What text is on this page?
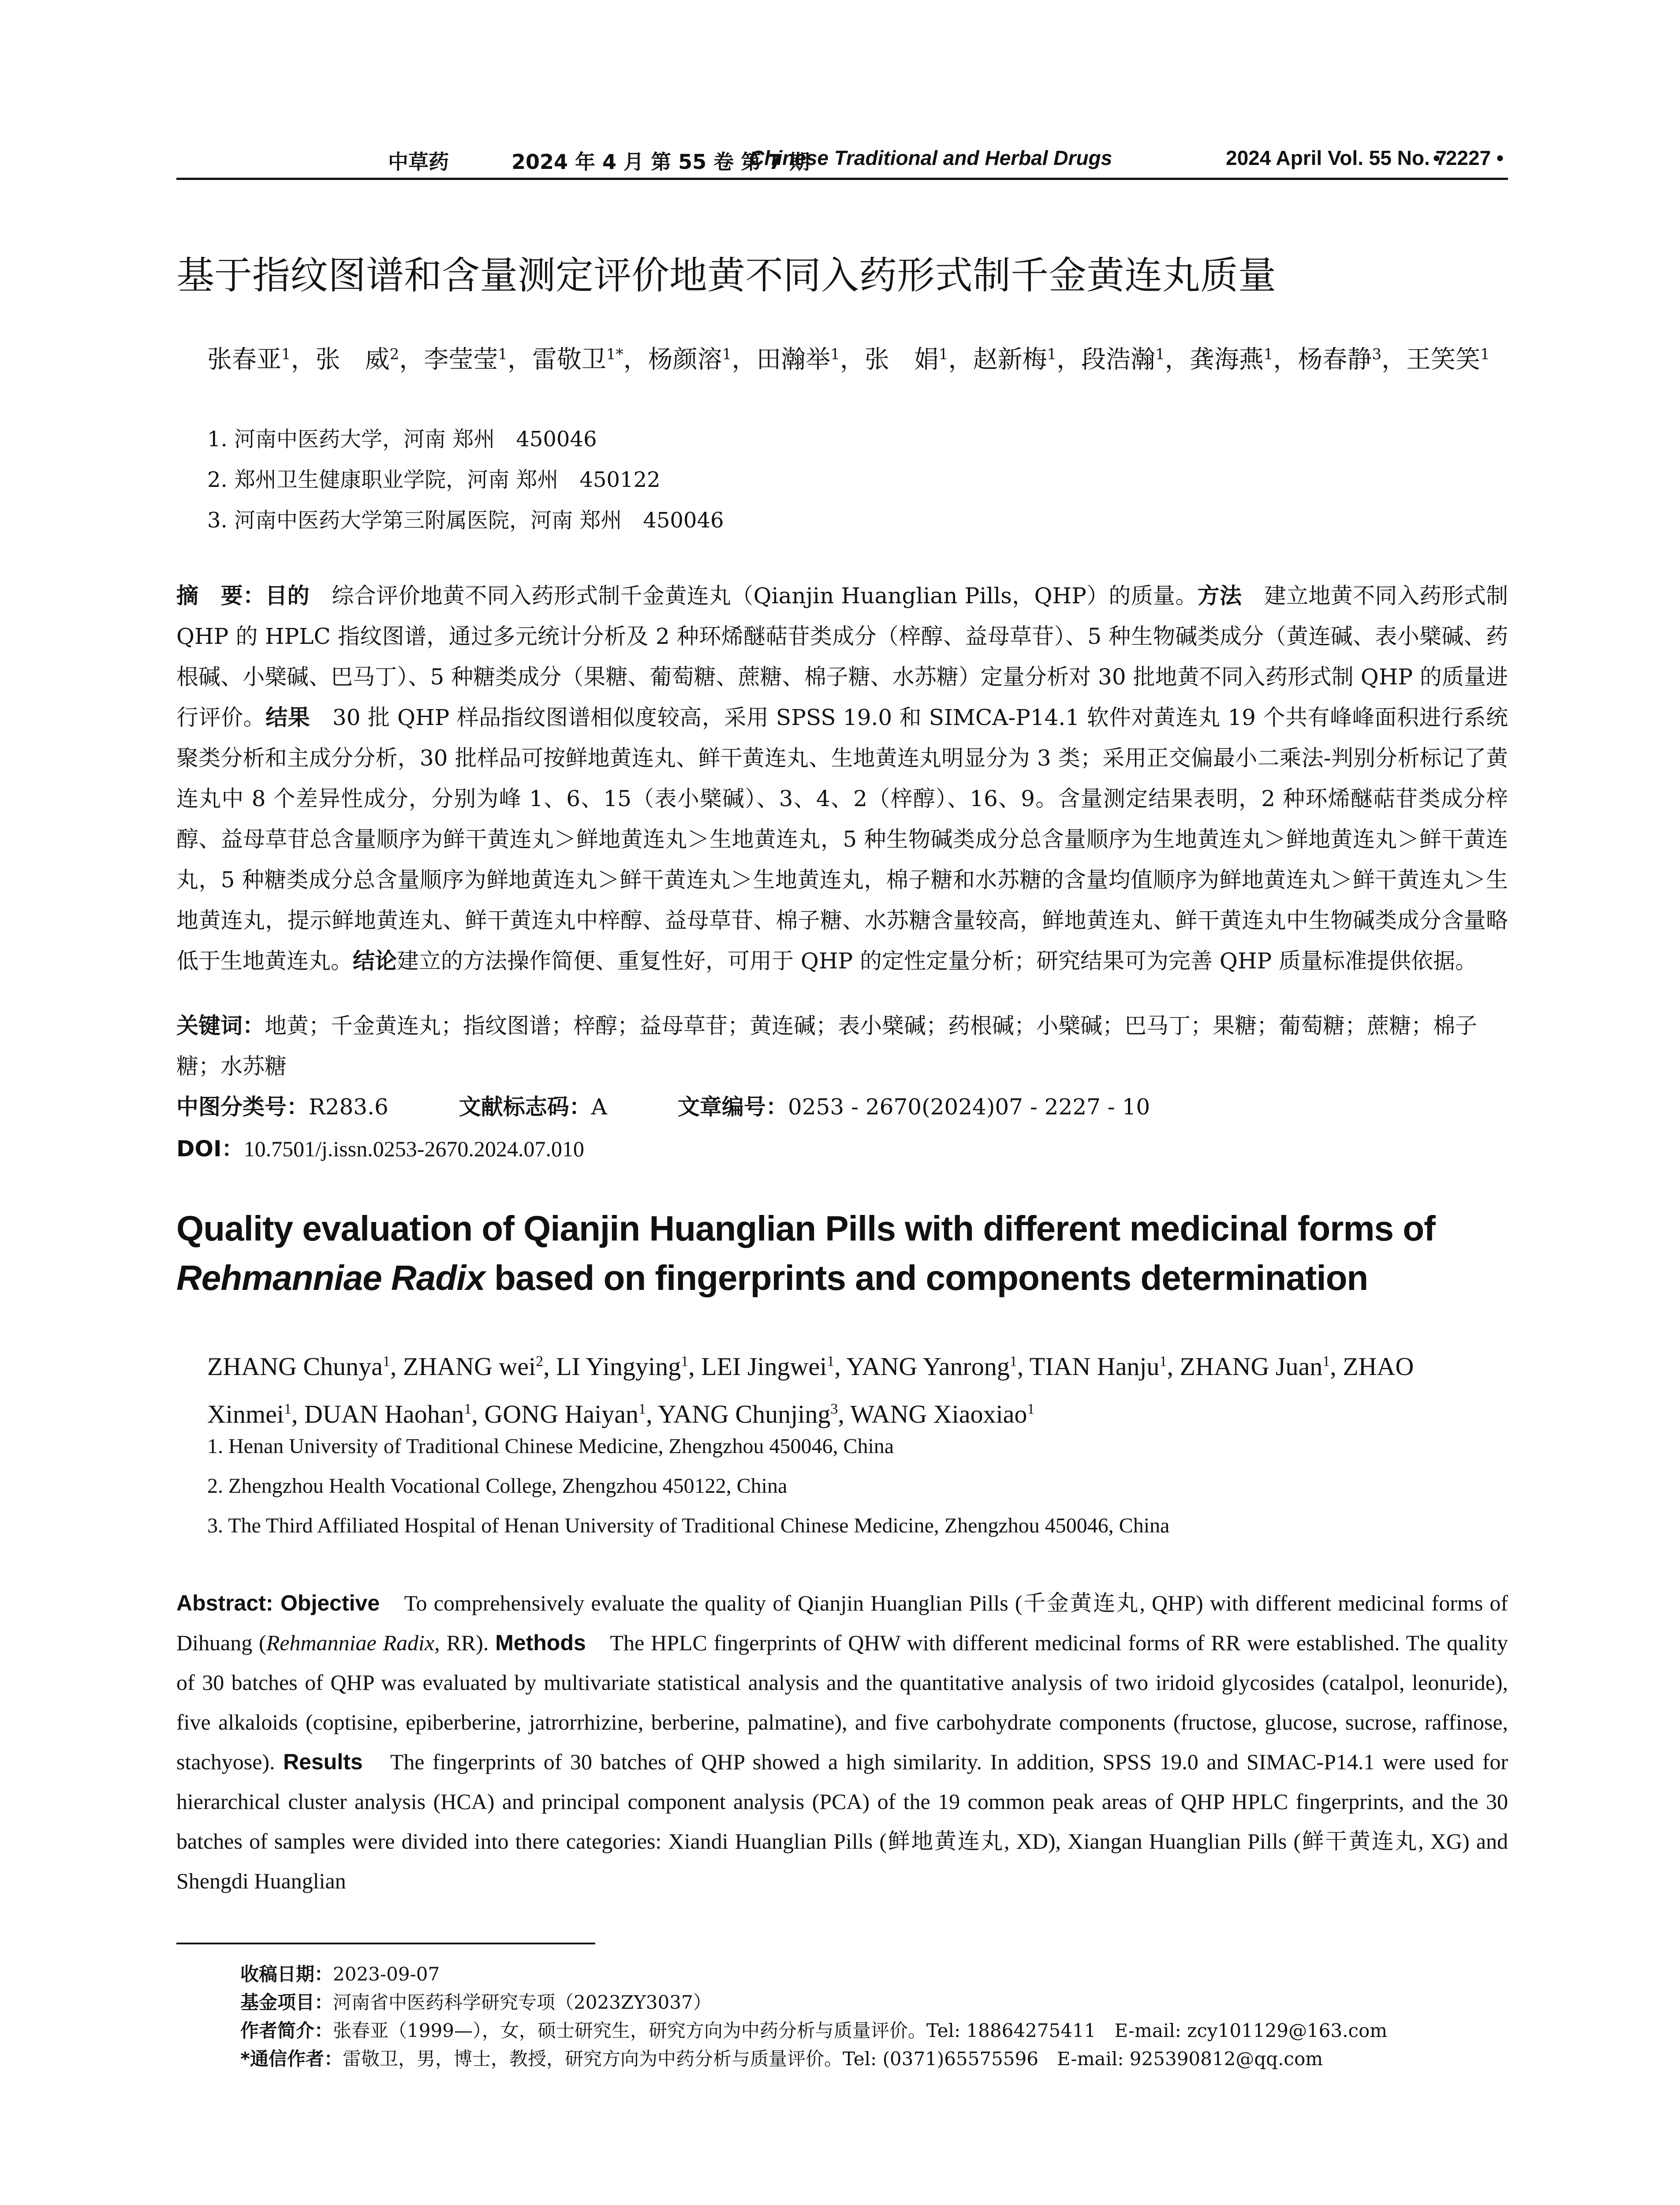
中草药	2024 年 4 月 第 55 卷 第 7 期
Chinese Traditional and Herbal Drugs	2024 April Vol. 55 No. 7
• 2227 •
基于指纹图谱和含量测定评价地黄不同入药形式制千金黄连丸质量
张春亚$^1$，张　威$^2$，李莹莹$^1$，雷敬卫$^{1*}$，杨颜溶$^1$，田瀚举$^1$，张　娟$^1$，赵新梅$^1$，段浩瀚$^1$，龚海燕$^1$，杨春静$^3$，王笑笑$^1$
1. 河南中医药大学，河南 郑州　450046
2. 郑州卫生健康职业学院，河南 郑州　450122
3. 河南中医药大学第三附属医院，河南 郑州　450046
摘　要：目的　综合评价地黄不同入药形式制千金黄连丸（Qianjin Huanglian Pills，QHP）的质量。方法　建立地黄不同入药形式制 QHP 的 HPLC 指纹图谱，通过多元统计分析及 2 种环烯醚萜苷类成分（梓醇、益母草苷）、5 种生物碱类成分（黄连碱、表小檗碱、药根碱、小檗碱、巴马丁）、5 种糖类成分（果糖、葡萄糖、蔗糖、棉子糖、水苏糖）定量分析对 30 批地黄不同入药形式制 QHP 的质量进行评价。结果　30 批 QHP 样品指纹图谱相似度较高，采用 SPSS 19.0 和 SIMCA-P14.1 软件对黄连丸 19 个共有峰峰面积进行系统聚类分析和主成分分析，30 批样品可按鲜地黄连丸、鲜干黄连丸、生地黄连丸明显分为 3 类；采用正交偏最小二乘法-判别分析标记了黄连丸中 8 个差异性成分，分别为峰 1、6、15（表小檗碱）、3、4、2（梓醇）、16、9。含量测定结果表明，2 种环烯醚萜苷类成分梓醇、益母草苷总含量顺序为鲜干黄连丸＞鲜地黄连丸＞生地黄连丸，5 种生物碱类成分总含量顺序为生地黄连丸＞鲜地黄连丸＞鲜干黄连丸，5 种糖类成分总含量顺序为鲜地黄连丸＞鲜干黄连丸＞生地黄连丸，棉子糖和水苏糖的含量均值顺序为鲜地黄连丸＞鲜干黄连丸＞生地黄连丸，提示鲜地黄连丸、鲜干黄连丸中梓醇、益母草苷、棉子糖、水苏糖含量较高，鲜地黄连丸、鲜干黄连丸中生物碱类成分含量略低于生地黄连丸。结论建立的方法操作简便、重复性好，可用于 QHP 的定性定量分析；研究结果可为完善 QHP 质量标准提供依据。
关键词：地黄；千金黄连丸；指纹图谱；梓醇；益母草苷；黄连碱；表小檗碱；药根碱；小檗碱；巴马丁；果糖；葡萄糖；蔗糖；棉子糖；水苏糖
中图分类号：R283.6	文献标志码：A	文章编号：0253 - 2670(2024)07 - 2227 - 10
DOI：10.7501/j.issn.0253-2670.2024.07.010
Quality evaluation of Qianjin Huanglian Pills with different medicinal forms of Rehmanniae Radix based on fingerprints and components determination
ZHANG Chunya$^1$, ZHANG wei$^2$, LI Yingying$^1$, LEI Jingwei$^1$, YANG Yanrong$^1$, TIAN Hanju$^1$, ZHANG Juan$^1$, ZHAO Xinmei$^1$, DUAN Haohan$^1$, GONG Haiyan$^1$, YANG Chunjing$^3$, WANG Xiaoxiao$^1$
1. Henan University of Traditional Chinese Medicine, Zhengzhou 450046, China
2. Zhengzhou Health Vocational College, Zhengzhou 450122, China
3. The Third Affiliated Hospital of Henan University of Traditional Chinese Medicine, Zhengzhou 450046, China
Abstract: Objective　To comprehensively evaluate the quality of Qianjin Huanglian Pills (千金黄连丸, QHP) with different medicinal forms of Dihuang (Rehmanniae Radix, RR). Methods　The HPLC fingerprints of QHW with different medicinal forms of RR were established. The quality of 30 batches of QHP was evaluated by multivariate statistical analysis and the quantitative analysis of two iridoid glycosides (catalpol, leonuride), five alkaloids (coptisine, epiberberine, jatrorrhizine, berberine, palmatine), and five carbohydrate components (fructose, glucose, sucrose, raffinose, stachyose). Results　The fingerprints of 30 batches of QHP showed a high similarity. In addition, SPSS 19.0 and SIMAC-P14.1 were used for hierarchical cluster analysis (HCA) and principal component analysis (PCA) of the 19 common peak areas of QHP HPLC fingerprints, and the 30 batches of samples were divided into there categories: Xiandi Huanglian Pills (鲜地黄连丸, XD), Xiangan Huanglian Pills (鲜干黄连丸, XG) and Shengdi Huanglian
收稿日期：2023-09-07
基金项目：河南省中医药科学研究专项（2023ZY3037）
作者简介：张春亚（1999—），女，硕士研究生，研究方向为中药分析与质量评价。Tel: 18864275411　E-mail: zcy101129@163.com
*通信作者：雷敬卫，男，博士，教授，研究方向为中药分析与质量评价。Tel: (0371)65575596　E-mail: 925390812@qq.com
